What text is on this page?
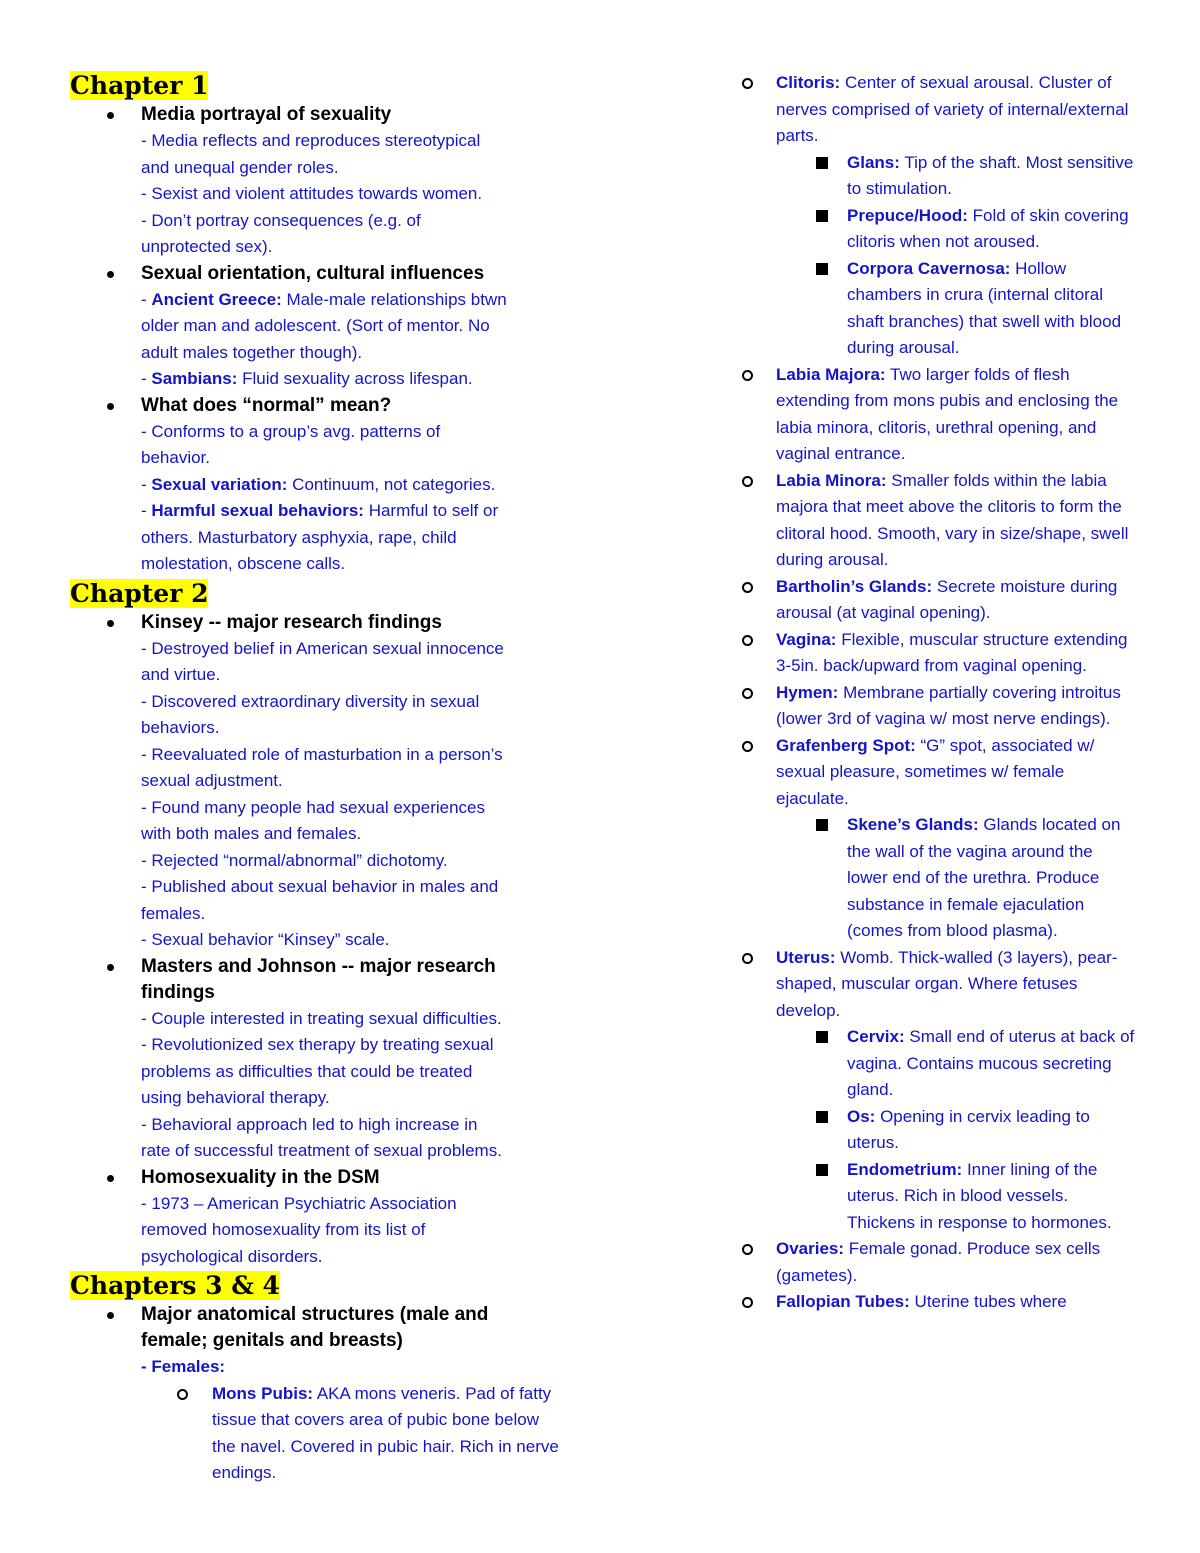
Chapter 1
Media portrayal of sexuality
- Media reflects and reproduces stereotypical
and unequal gender roles.
- Sexist and violent attitudes towards women.
- Don’t portray consequences (e.g. of
unprotected sex).
Sexual orientation, cultural influences
- Ancient Greece: Male-male relationships btwn
older man and adolescent. (Sort of mentor. No
adult males together though).
- Sambians: Fluid sexuality across lifespan.
What does “normal” mean?
- Conforms to a group’s avg. patterns of
behavior.
- Sexual variation: Continuum, not categories.
- Harmful sexual behaviors: Harmful to self or
others. Masturbatory asphyxia, rape, child
molestation, obscene calls.
Chapter 2
Kinsey -- major research findings
- Destroyed belief in American sexual innocence
and virtue.
- Discovered extraordinary diversity in sexual
behaviors.
- Reevaluated role of masturbation in a person’s
sexual adjustment.
- Found many people had sexual experiences
with both males and females.
- Rejected “normal/abnormal” dichotomy.
- Published about sexual behavior in males and
females.
- Sexual behavior “Kinsey” scale.
Masters and Johnson -- major research
findings
- Couple interested in treating sexual difficulties.
- Revolutionized sex therapy by treating sexual
problems as difficulties that could be treated
using behavioral therapy.
- Behavioral approach led to high increase in
rate of successful treatment of sexual problems.
Homosexuality in the DSM
- 1973 – American Psychiatric Association
removed homosexuality from its list of
psychological disorders.
Chapters 3 & 4
Major anatomical structures (male and
female; genitals and breasts)
- Females:
Mons Pubis: AKA mons veneris. Pad of fatty tissue that covers area of pubic bone below the navel. Covered in pubic hair. Rich in nerve endings.
Clitoris: Center of sexual arousal. Cluster of nerves comprised of variety of internal/external parts.
Glans: Tip of the shaft. Most sensitive to stimulation.
Prepuce/Hood: Fold of skin covering clitoris when not aroused.
Corpora Cavernosa: Hollow chambers in crura (internal clitoral shaft branches) that swell with blood during arousal.
Labia Majora: Two larger folds of flesh extending from mons pubis and enclosing the labia minora, clitoris, urethral opening, and vaginal entrance.
Labia Minora: Smaller folds within the labia majora that meet above the clitoris to form the clitoral hood. Smooth, vary in size/shape, swell during arousal.
Bartholin’s Glands: Secrete moisture during arousal (at vaginal opening).
Vagina: Flexible, muscular structure extending 3-5in. back/upward from vaginal opening.
Hymen: Membrane partially covering introitus (lower 3rd of vagina w/ most nerve endings).
Grafenberg Spot: “G” spot, associated w/ sexual pleasure, sometimes w/ female ejaculate.
Skene’s Glands: Glands located on the wall of the vagina around the lower end of the urethra. Produce substance in female ejaculation (comes from blood plasma).
Uterus: Womb. Thick-walled (3 layers), pear-shaped, muscular organ. Where fetuses develop.
Cervix: Small end of uterus at back of vagina. Contains mucous secreting gland.
Os: Opening in cervix leading to uterus.
Endometrium: Inner lining of the uterus. Rich in blood vessels. Thickens in response to hormones.
Ovaries: Female gonad. Produce sex cells (gametes).
Fallopian Tubes: Uterine tubes where
